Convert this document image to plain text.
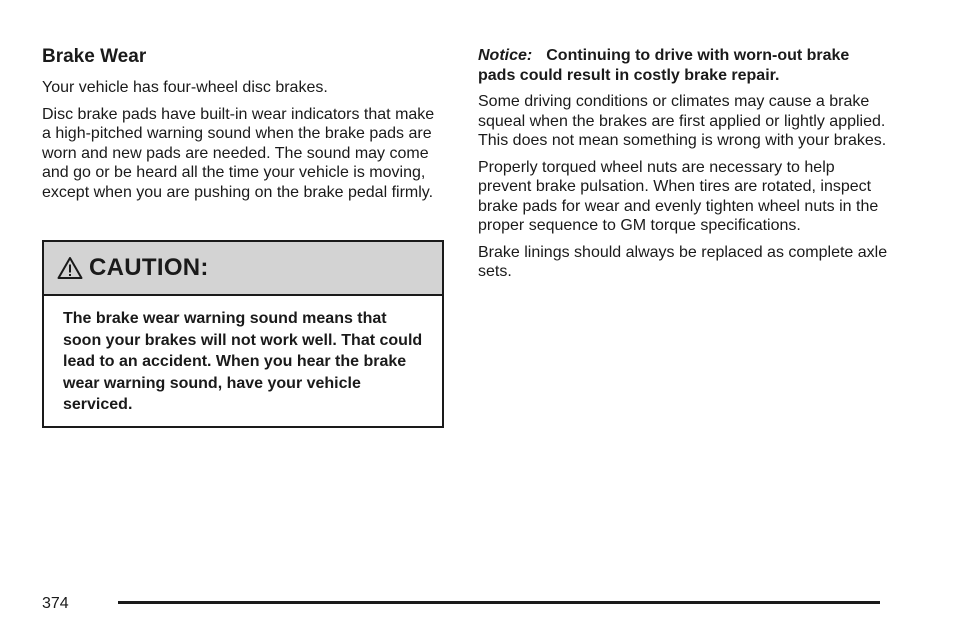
Brake Wear

Your vehicle has four-wheel disc brakes.

Disc brake pads have built-in wear indicators that make a high-pitched warning sound when the brake pads are worn and new pads are needed. The sound may come and go or be heard all the time your vehicle is moving, except when you are pushing on the brake pedal firmly.

CAUTION:
The brake wear warning sound means that soon your brakes will not work well. That could lead to an accident. When you hear the brake wear warning sound, have your vehicle serviced.

Notice: Continuing to drive with worn-out brake pads could result in costly brake repair.

Some driving conditions or climates may cause a brake squeal when the brakes are first applied or lightly applied. This does not mean something is wrong with your brakes.

Properly torqued wheel nuts are necessary to help prevent brake pulsation. When tires are rotated, inspect brake pads for wear and evenly tighten wheel nuts in the proper sequence to GM torque specifications.

Brake linings should always be replaced as complete axle sets.

374
